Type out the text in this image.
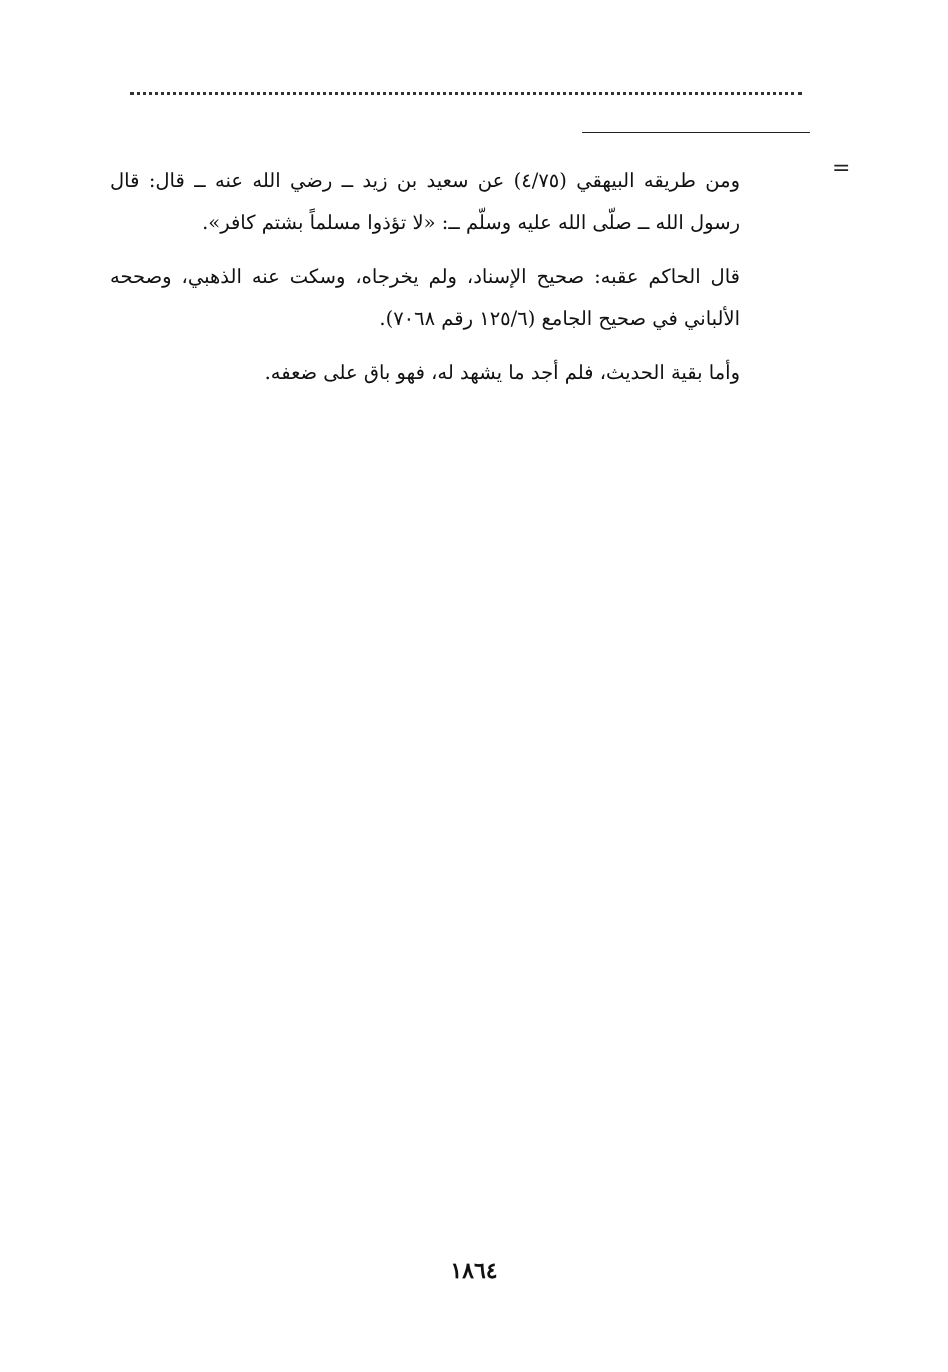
=

ومن طريقه البيهقي (٤/٧٥) عن سعيد بن زيد ــ رضي الله عنه ــ قال: قال رسول الله ــ صلّى الله عليه وسلّم ــ: «لا تؤذوا مسلماً بشتم كافر».

قال الحاكم عقبه: صحيح الإسناد، ولم يخرجاه، وسكت عنه الذهبي، وصححه الألباني في صحيح الجامع (١٢٥/٦ رقم ٧٠٦٨).

وأما بقية الحديث، فلم أجد ما يشهد له، فهو باق على ضعفه.

١٨٦٤
